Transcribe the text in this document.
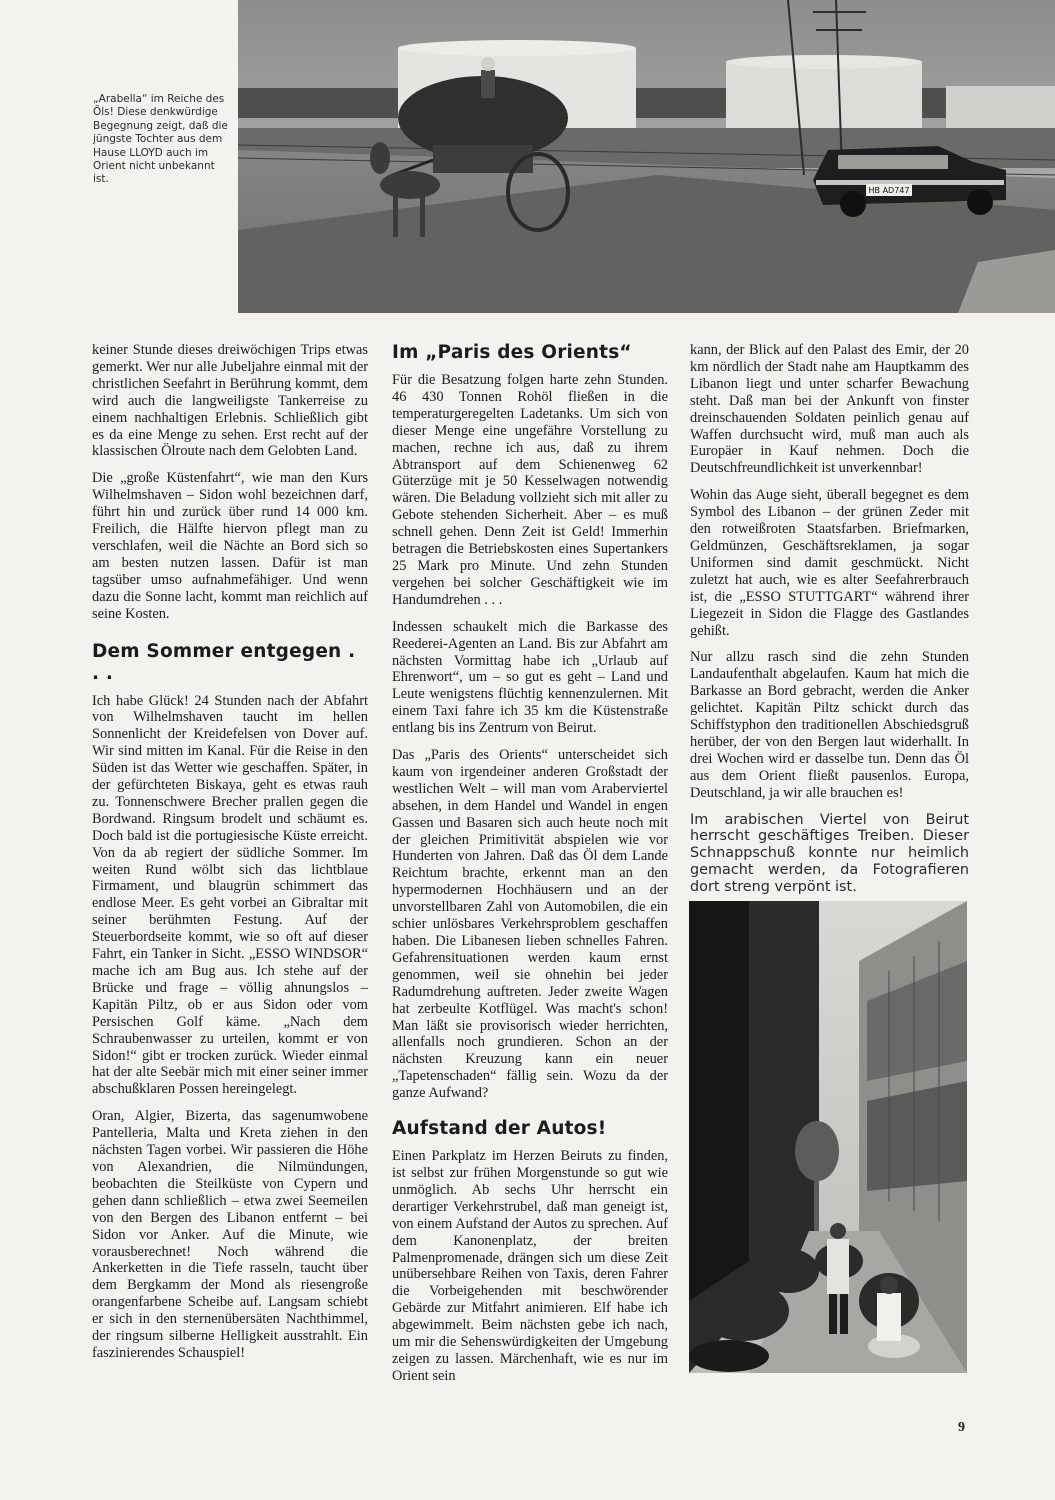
„Arabella“ im Reiche des Öls! Diese denkwürdige Begegnung zeigt, daß die jüngste Tochter aus dem Hause LLOYD auch im Orient nicht unbekannt ist.

HB AD747

keiner Stunde dieses dreiwöchigen Trips etwas gemerkt. Wer nur alle Jubeljahre einmal mit der christlichen Seefahrt in Berührung kommt, dem wird auch die langweiligste Tankerreise zu einem nachhaltigen Erlebnis. Schließlich gibt es da eine Menge zu sehen. Erst recht auf der klassischen Ölroute nach dem Gelobten Land.

Die „große Küstenfahrt“, wie man den Kurs Wilhelmshaven – Sidon wohl bezeichnen darf, führt hin und zurück über rund 14 000 km. Freilich, die Hälfte hiervon pflegt man zu verschlafen, weil die Nächte an Bord sich so am besten nutzen lassen. Dafür ist man tagsüber umso aufnahmefähiger. Und wenn dazu die Sonne lacht, kommt man reichlich auf seine Kosten.

Dem Sommer entgegen . . .

Ich habe Glück! 24 Stunden nach der Abfahrt von Wilhelmshaven taucht im hellen Sonnenlicht der Kreidefelsen von Dover auf. Wir sind mitten im Kanal. Für die Reise in den Süden ist das Wetter wie geschaffen. Später, in der gefürchteten Biskaya, geht es etwas rauh zu. Tonnenschwere Brecher prallen gegen die Bordwand. Ringsum brodelt und schäumt es. Doch bald ist die portugiesische Küste erreicht. Von da ab regiert der südliche Sommer. Im weiten Rund wölbt sich das lichtblaue Firmament, und blaugrün schimmert das endlose Meer. Es geht vorbei an Gibraltar mit seiner berühmten Festung. Auf der Steuerbordseite kommt, wie so oft auf dieser Fahrt, ein Tanker in Sicht. „ESSO WINDSOR“ mache ich am Bug aus. Ich stehe auf der Brücke und frage – völlig ahnungslos – Kapitän Piltz, ob er aus Sidon oder vom Persischen Golf käme. „Nach dem Schraubenwasser zu urteilen, kommt er von Sidon!“ gibt er trocken zurück. Wieder einmal hat der alte Seebär mich mit einer seiner immer abschußklaren Possen hereingelegt.

Oran, Algier, Bizerta, das sagenumwobene Pantelleria, Malta und Kreta ziehen in den nächsten Tagen vorbei. Wir passieren die Höhe von Alexandrien, die Nilmündungen, beobachten die Steilküste von Cypern und gehen dann schließlich – etwa zwei Seemeilen von den Bergen des Libanon entfernt – bei Sidon vor Anker. Auf die Minute, wie vorausberechnet! Noch während die Ankerketten in die Tiefe rasseln, taucht über dem Bergkamm der Mond als riesengroße orangenfarbene Scheibe auf. Langsam schiebt er sich in den sternenübersäten Nachthimmel, der ringsum silberne Helligkeit ausstrahlt. Ein faszinierendes Schauspiel!

Im „Paris des Orients“

Für die Besatzung folgen harte zehn Stunden. 46 430 Tonnen Rohöl fließen in die temperaturgeregelten Ladetanks. Um sich von dieser Menge eine ungefähre Vorstellung zu machen, rechne ich aus, daß zu ihrem Abtransport auf dem Schienenweg 62 Güterzüge mit je 50 Kesselwagen notwendig wären. Die Beladung vollzieht sich mit aller zu Gebote stehenden Sicherheit. Aber – es muß schnell gehen. Denn Zeit ist Geld! Immerhin betragen die Betriebskosten eines Supertankers 25 Mark pro Minute. Und zehn Stunden vergehen bei solcher Geschäftigkeit wie im Handumdrehen . . .

Indessen schaukelt mich die Barkasse des Reederei-Agenten an Land. Bis zur Abfahrt am nächsten Vormittag habe ich „Urlaub auf Ehrenwort“, um – so gut es geht – Land und Leute wenigstens flüchtig kennenzulernen. Mit einem Taxi fahre ich 35 km die Küstenstraße entlang bis ins Zentrum von Beirut.

Das „Paris des Orients“ unterscheidet sich kaum von irgendeiner anderen Großstadt der westlichen Welt – will man vom Araberviertel absehen, in dem Handel und Wandel in engen Gassen und Basaren sich auch heute noch mit der gleichen Primitivität abspielen wie vor Hunderten von Jahren. Daß das Öl dem Lande Reichtum brachte, erkennt man an den hypermodernen Hochhäusern und an der unvorstellbaren Zahl von Automobilen, die ein schier unlösbares Verkehrsproblem geschaffen haben. Die Libanesen lieben schnelles Fahren. Gefahrensituationen werden kaum ernst genommen, weil sie ohnehin bei jeder Radumdrehung auftreten. Jeder zweite Wagen hat zerbeulte Kotflügel. Was macht's schon! Man läßt sie provisorisch wieder herrichten, allenfalls noch grundieren. Schon an der nächsten Kreuzung kann ein neuer „Tapetenschaden“ fällig sein. Wozu da der ganze Aufwand?

Aufstand der Autos!

Einen Parkplatz im Herzen Beiruts zu finden, ist selbst zur frühen Morgenstunde so gut wie unmöglich. Ab sechs Uhr herrscht ein derartiger Verkehrstrubel, daß man geneigt ist, von einem Aufstand der Autos zu sprechen. Auf dem Kanonenplatz, der breiten Palmenpromenade, drängen sich um diese Zeit unübersehbare Reihen von Taxis, deren Fahrer die Vorbeigehenden mit beschwörender Gebärde zur Mitfahrt animieren. Elf habe ich abgewimmelt. Beim nächsten gebe ich nach, um mir die Sehenswürdigkeiten der Umgebung zeigen zu lassen. Märchenhaft, wie es nur im Orient sein

kann, der Blick auf den Palast des Emir, der 20 km nördlich der Stadt nahe am Hauptkamm des Libanon liegt und unter scharfer Bewachung steht. Daß man bei der Ankunft von finster dreinschauenden Soldaten peinlich genau auf Waffen durchsucht wird, muß man auch als Europäer in Kauf nehmen. Doch die Deutschfreundlichkeit ist unverkennbar!

Wohin das Auge sieht, überall begegnet es dem Symbol des Libanon – der grünen Zeder mit den rotweißroten Staatsfarben. Briefmarken, Geldmünzen, Geschäftsreklamen, ja sogar Uniformen sind damit geschmückt. Nicht zuletzt hat auch, wie es alter Seefahrerbrauch ist, die „ESSO STUTTGART“ während ihrer Liegezeit in Sidon die Flagge des Gastlandes gehißt.

Nur allzu rasch sind die zehn Stunden Landaufenthalt abgelaufen. Kaum hat mich die Barkasse an Bord gebracht, werden die Anker gelichtet. Kapitän Piltz schickt durch das Schiffstyphon den traditionellen Abschiedsgruß herüber, der von den Bergen laut widerhallt. In drei Wochen wird er dasselbe tun. Denn das Öl aus dem Orient fließt pausenlos. Europa, Deutschland, ja wir alle brauchen es!

Im arabischen Viertel von Beirut herrscht geschäftiges Treiben. Dieser Schnappschuß konnte nur heimlich gemacht werden, da Fotografieren dort streng verpönt ist.

9
